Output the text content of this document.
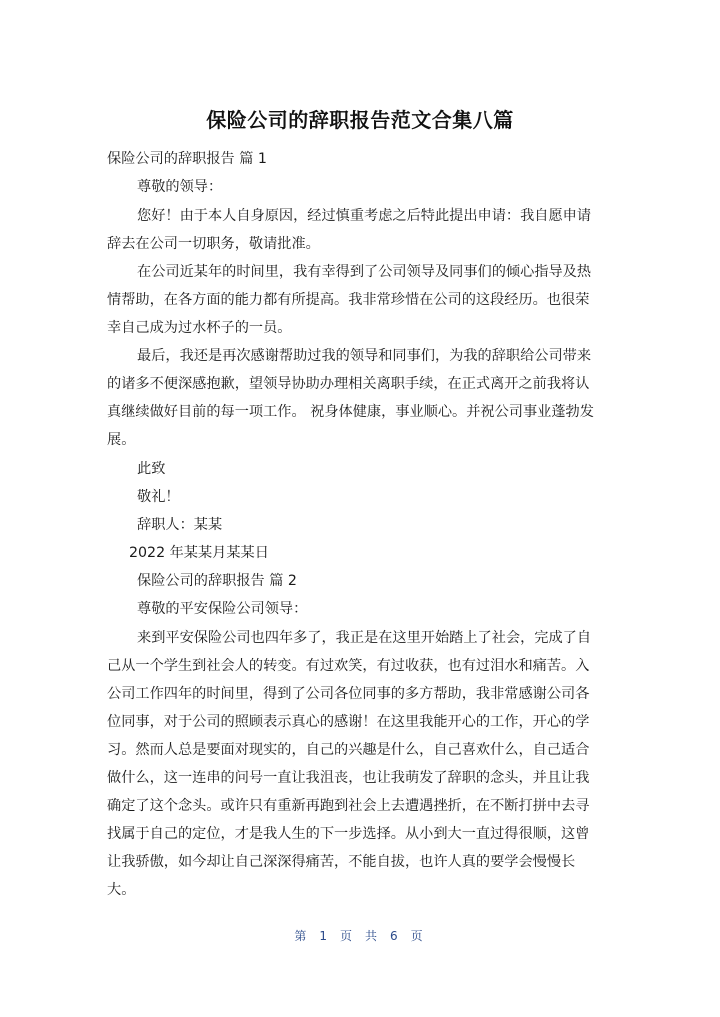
保险公司的辞职报告范文合集八篇
保险公司的辞职报告 篇 1
尊敬的领导：
您好！由于本人自身原因，经过慎重考虑之后特此提出申请：我自愿申请
辞去在公司一切职务，敬请批准。
在公司近某年的时间里，我有幸得到了公司领导及同事们的倾心指导及热
情帮助，在各方面的能力都有所提高。我非常珍惜在公司的这段经历。也很荣
幸自己成为过水杯子的一员。
最后，我还是再次感谢帮助过我的领导和同事们，为我的辞职给公司带来
的诸多不便深感抱歉，望领导协助办理相关离职手续，在正式离开之前我将认
真继续做好目前的每一项工作。 祝身体健康，事业顺心。并祝公司事业蓬勃发
展。
此致
敬礼！
辞职人：某某
2022 年某某月某某日
保险公司的辞职报告 篇 2
尊敬的平安保险公司领导：
来到平安保险公司也四年多了，我正是在这里开始踏上了社会，完成了自
己从一个学生到社会人的转变。有过欢笑，有过收获，也有过泪水和痛苦。入
公司工作四年的时间里，得到了公司各位同事的多方帮助，我非常感谢公司各
位同事，对于公司的照顾表示真心的感谢！在这里我能开心的工作，开心的学
习。然而人总是要面对现实的，自己的兴趣是什么，自己喜欢什么，自己适合
做什么，这一连串的问号一直让我沮丧，也让我萌发了辞职的念头，并且让我
确定了这个念头。或许只有重新再跑到社会上去遭遇挫折，在不断打拼中去寻
找属于自己的定位，才是我人生的下一步选择。从小到大一直过得很顺，这曾
让我骄傲，如今却让自己深深得痛苦，不能自拔，也许人真的要学会慢慢长
大。
第 1 页 共 6 页
